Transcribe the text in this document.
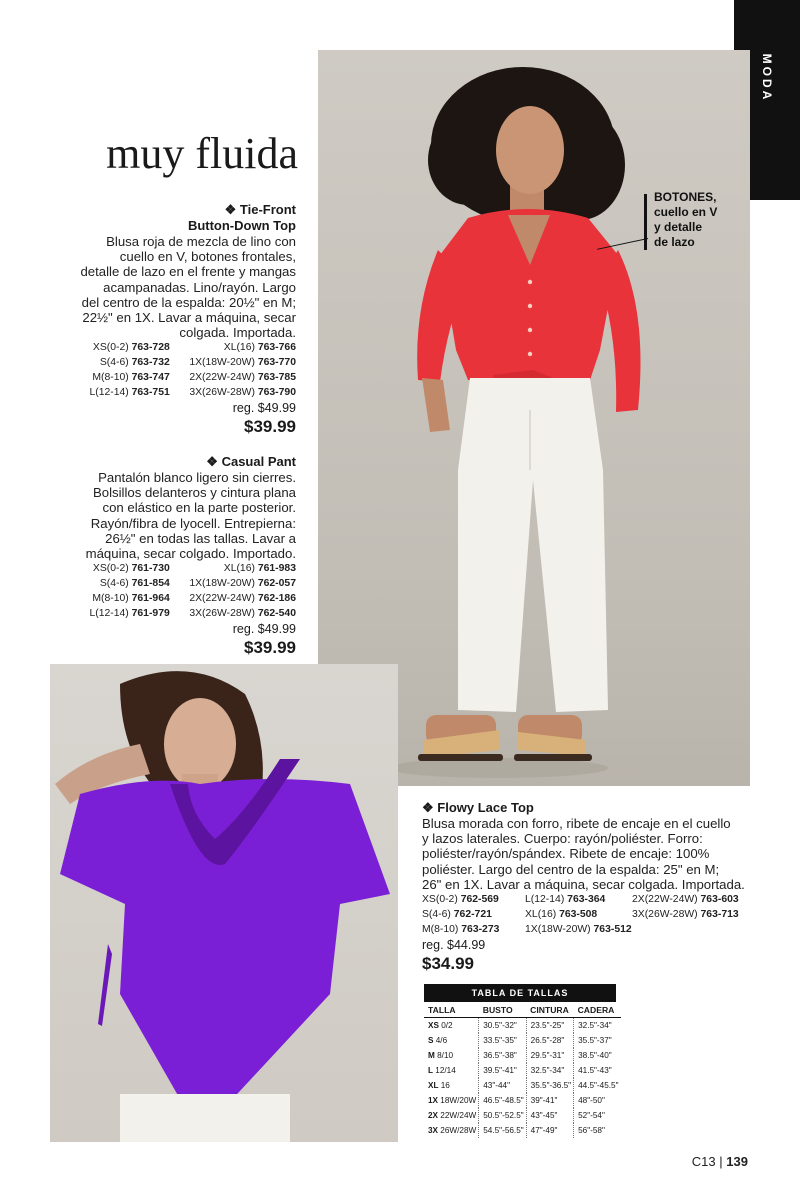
MODA
muy fluida
BOTONES,
cuello en V
y detalle
de lazo
❖ Tie-Front
Button-Down Top
Blusa roja de mezcla de lino con
cuello en V, botones frontales,
detalle de lazo en el frente y mangas
acampanadas. Lino/rayón. Largo
del centro de la espalda: 20½" en M;
22½" en 1X. Lavar a máquina, secar
colgada. Importada.
XS(0-2) 763-728	XL(16) 763-766
S(4-6) 763-732	1X(18W-20W) 763-770
M(8-10) 763-747	2X(22W-24W) 763-785
L(12-14) 763-751	3X(26W-28W) 763-790
reg. $49.99
$39.99
❖ Casual Pant
Pantalón blanco ligero sin cierres.
Bolsillos delanteros y cintura plana
con elástico en la parte posterior.
Rayón/fibra de lyocell. Entrepierna:
26½" en todas las tallas. Lavar a
máquina, secar colgado. Importado.
XS(0-2) 761-730	XL(16) 761-983
S(4-6) 761-854	1X(18W-20W) 762-057
M(8-10) 761-964	2X(22W-24W) 762-186
L(12-14) 761-979	3X(26W-28W) 762-540
reg. $49.99
$39.99
❖ Flowy Lace Top
Blusa morada con forro, ribete de encaje en el cuello
y lazos laterales. Cuerpo: rayón/poliéster. Forro:
poliéster/rayón/spándex. Ribete de encaje: 100%
poliéster. Largo del centro de la espalda: 25" en M;
26" en 1X. Lavar a máquina, secar colgada. Importada.
XS(0-2) 762-569	L(12-14) 763-364	2X(22W-24W) 763-603
S(4-6) 762-721	XL(16) 763-508	3X(26W-28W) 763-713
M(8-10) 763-273	1X(18W-20W) 763-512
reg. $44.99
$34.99
TABLA DE TALLAS
TALLA	BUSTO	CINTURA	CADERA
XS 0/2	30.5"-32"	23.5"-25"	32.5"-34"
S 4/6	33.5"-35"	26.5"-28"	35.5"-37"
M 8/10	36.5"-38"	29.5"-31"	38.5"-40"
L 12/14	39.5"-41"	32.5"-34"	41.5"-43"
XL 16	43"-44"	35.5"-36.5"	44.5"-45.5"
1X 18W/20W	46.5"-48.5"	39"-41"	48"-50"
2X 22W/24W	50.5"-52.5"	43"-45"	52"-54"
3X 26W/28W	54.5"-56.5"	47"-49"	56"-58"
C13 | 139
